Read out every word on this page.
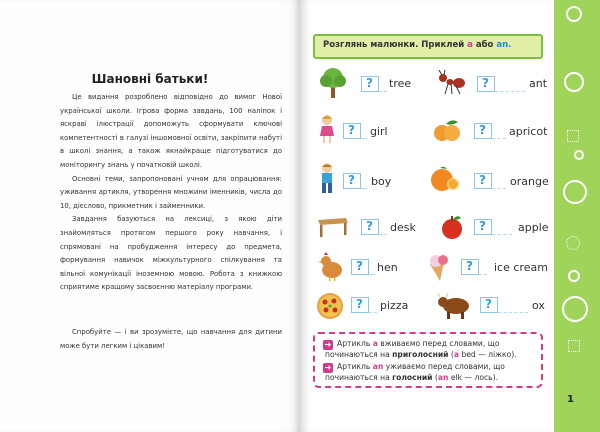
Шановні батьки!

Це видання розроблено відповідно до вимог Нової української школи. Ігрова форма завдань, 100 наліпок і яскраві ілюстрації допоможуть сформувати ключові компетентності в галузі іншомовної освіти, закріпити набуті в школі знання, а також якнайкраще підготуватися до моніторингу знань у початковій школі.

Основні теми, запропоновані учням для опрацювання: уживання артикля, утворення множини іменників, числа до 10, дієслово, прикметник і займенники.

Завдання базуються на лексиці, з якою діти знайомляться протягом першого року навчання, і спрямовані на пробудження інтересу до предмета, формування навичок міжкультурного спілкування та вільної комунікації іноземною мовою. Робота з книжкою сприятиме кращому засвоєнню матеріалу програми.

Спробуйте — і ви зрозумієте, що навчання для дитини може бути легким і цікавим!

Розглянь малюнки. Приклей a або an.
? tree
? girl
? boy
? desk
? hen
? pizza
?	ant
? apricot
? orange
?	apple
? ice cream
?	ox
➜ Артикль a вживаємо перед словами, що
починаються на приголосний (a bed — ліжко).
➜ Артикль an уживаємо перед словами, що
починаються на голосний (an elk — лось).
1
